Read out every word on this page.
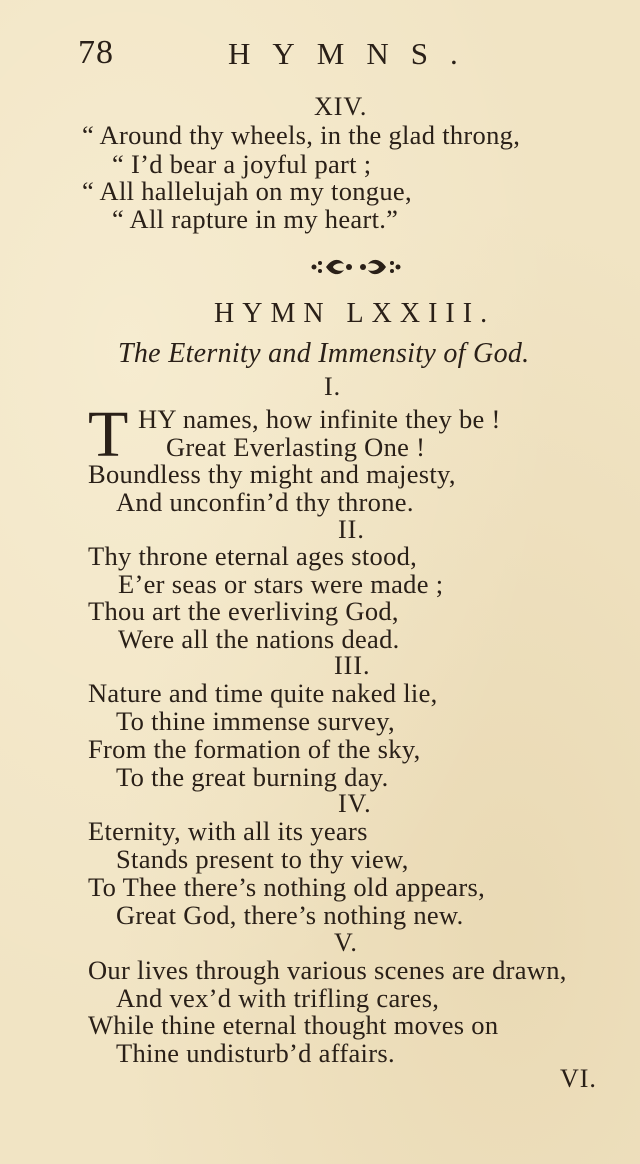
78	HYMNS.
XIV.
“ Around thy wheels, in the glad throng,
“ I’d bear a joyful part ;
“ All hallelujah on my tongue,
“ All rapture in my heart.”
HYMN LXXIII.
The Eternity and Immensity of God.
I.
T HY names, how infinite they be !
Great Everlasting One !
Boundless thy might and majesty,
And unconfin’d thy throne.
II.
Thy throne eternal ages stood,
E’er seas or stars were made ;
Thou art the everliving God,
Were all the nations dead.
III.
Nature and time quite naked lie,
To thine immense survey,
From the formation of the sky,
To the great burning day.
IV.
Eternity, with all its years
Stands present to thy view,
To Thee there’s nothing old appears,
Great God, there’s nothing new.
V.
Our lives through various scenes are drawn,
And vex’d with trifling cares,
While thine eternal thought moves on
Thine undisturb’d affairs.
VI.
